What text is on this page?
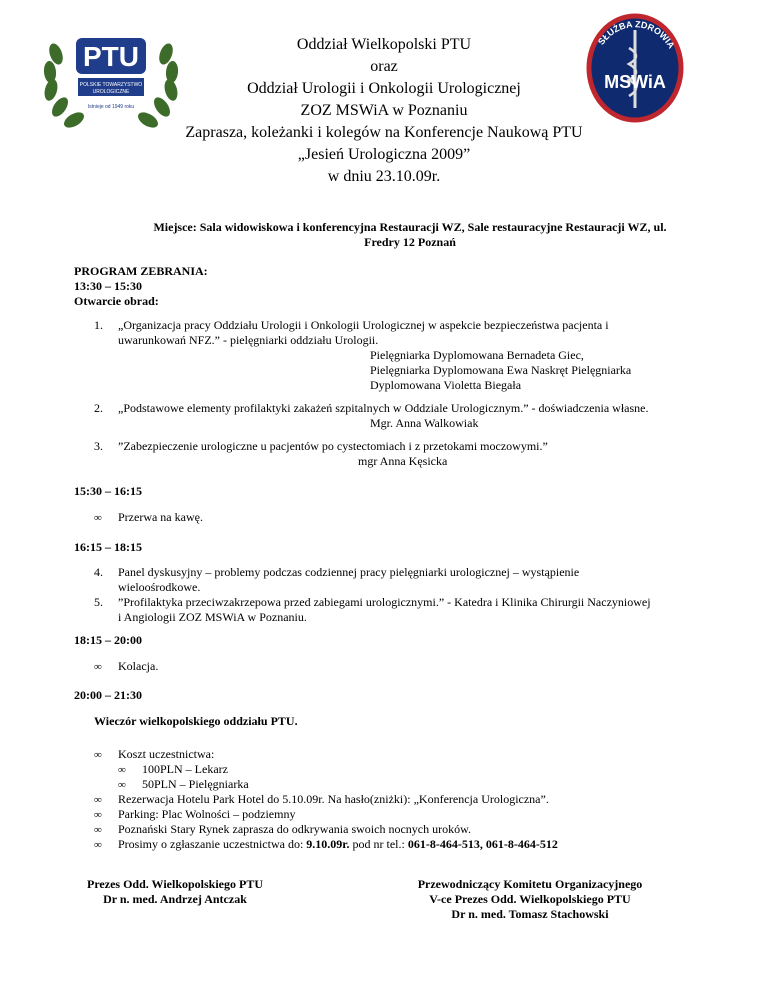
PTU
POLSKIE TOWARZYSTWO
UROLOGICZNE
Istnieje od 1949 roku
SŁUŻBA ZDROWIA
MSWiA
Oddział Wielkopolski PTU
oraz
Oddział Urologii i Onkologii Urologicznej
ZOZ MSWiA w Poznaniu
Zaprasza, koleżanki i kolegów na Konferencje Naukową PTU
„Jesień Urologiczna 2009”
w dniu 23.10.09r.
Miejsce: Sala widowiskowa i konferencyjna Restauracji WZ, Sale restauracyjne Restauracji WZ, ul.
Fredry 12 Poznań
PROGRAM ZEBRANIA:
13:30 – 15:30
Otwarcie obrad:
1.	„Organizacja pracy Oddziału Urologii i Onkologii Urologicznej w aspekcie bezpieczeństwa pacjenta i
uwarunkowań NFZ.” - pielęgniarki oddziału Urologii.
Pielęgniarka Dyplomowana Bernadeta Giec,
Pielęgniarka Dyplomowana Ewa Naskręt Pielęgniarka
Dyplomowana Violetta Biegała
2.	„Podstawowe elementy profilaktyki zakażeń szpitalnych w Oddziale Urologicznym.” - doświadczenia własne.
Mgr. Anna Walkowiak
3.	”Zabezpieczenie urologiczne u pacjentów po cystectomiach i z przetokami moczowymi.”
mgr Anna Kęsicka
15:30 – 16:15
∞ Przerwa na kawę.
16:15 – 18:15
4.	Panel dyskusyjny – problemy podczas codziennej pracy pielęgniarki urologicznej – wystąpienie
wieloośrodkowe.
5.	”Profilaktyka przeciwzakrzepowa przed zabiegami urologicznymi.” - Katedra i Klinika Chirurgii Naczyniowej
i Angiologii ZOZ MSWiA w Poznaniu.
18:15 – 20:00
∞ Kolacja.
20:00 – 21:30
Wieczór wielkopolskiego oddziału PTU.
∞ Koszt uczestnictwa:
∞ 100PLN – Lekarz
∞ 50PLN – Pielęgniarka
∞ Rezerwacja Hotelu Park Hotel do 5.10.09r. Na hasło(zniżki): „Konferencja Urologiczna”.
∞ Parking: Plac Wolności – podziemny
∞ Poznański Stary Rynek zaprasza do odkrywania swoich nocnych uroków.
∞ Prosimy o zgłaszanie uczestnictwa do: 9.10.09r. pod nr tel.: 061-8-464-513, 061-8-464-512
Prezes Odd. Wielkopolskiego PTU
Dr n. med. Andrzej Antczak
Przewodniczący Komitetu Organizacyjnego
V-ce Prezes Odd. Wielkopolskiego PTU
Dr n. med. Tomasz Stachowski
